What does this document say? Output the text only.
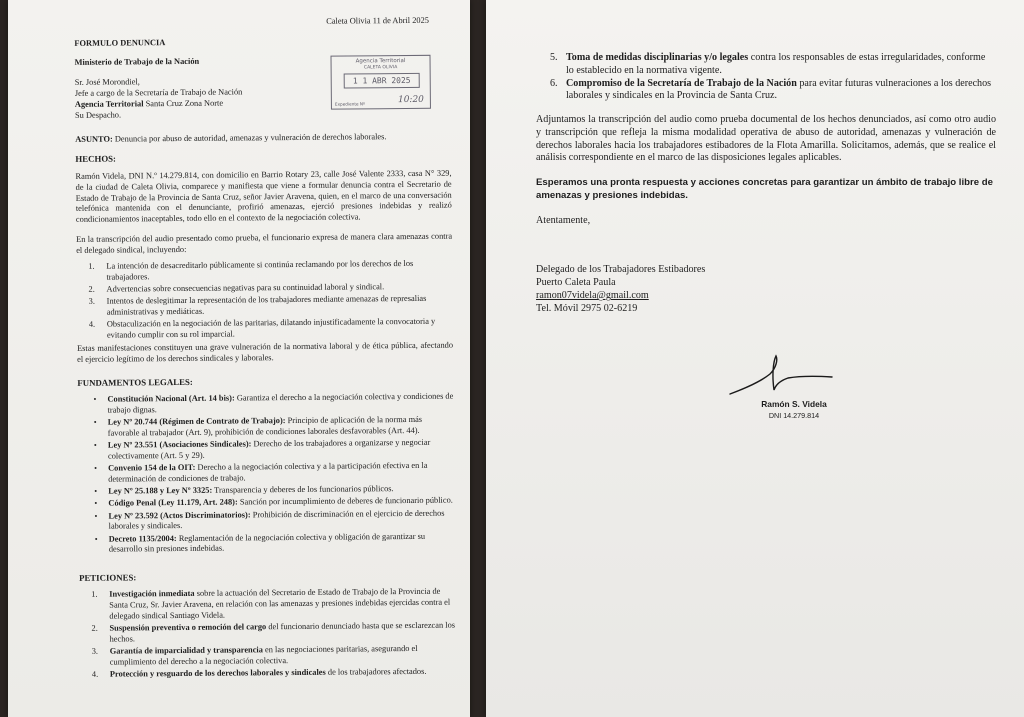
Caleta Olivia 11 de Abril 2025
FORMULO DENUNCIA
Ministerio de Trabajo de la Nación
Sr. José Morondiel,
Jefe a cargo de la Secretaría de Trabajo de Nación
Agencia Territorial Santa Cruz Zona Norte
Su Despacho.
Agencia Territorial
CALETA OLIVIA
1 1 ABR 2025
Expediente Nº	10:20
ASUNTO: Denuncia por abuso de autoridad, amenazas y vulneración de derechos laborales.
HECHOS:
Ramón Videla, DNI N.º 14.279.814, con domicilio en Barrio Rotary 23, calle José Valente 2333, casa N° 329, de la ciudad de Caleta Olivia, comparece y manifiesta que viene a formular denuncia contra el Secretario de Estado de Trabajo de la Provincia de Santa Cruz, señor Javier Aravena, quien, en el marco de una conversación telefónica mantenida con el denunciante, profirió amenazas, ejerció presiones indebidas y realizó condicionamientos inaceptables, todo ello en el contexto de la negociación colectiva.
En la transcripción del audio presentado como prueba, el funcionario expresa de manera clara amenazas contra el delegado sindical, incluyendo:
1. La intención de desacreditarlo públicamente si continúa reclamando por los derechos de los trabajadores.
2. Advertencias sobre consecuencias negativas para su continuidad laboral y sindical.
3. Intentos de deslegitimar la representación de los trabajadores mediante amenazas de represalias administrativas y mediáticas.
4. Obstaculización en la negociación de las paritarias, dilatando injustificadamente la convocatoria y evitando cumplir con su rol imparcial.
Estas manifestaciones constituyen una grave vulneración de la normativa laboral y de ética pública, afectando el ejercicio legítimo de los derechos sindicales y laborales.
FUNDAMENTOS LEGALES:
• Constitución Nacional (Art. 14 bis): Garantiza el derecho a la negociación colectiva y condiciones de trabajo dignas.
• Ley Nº 20.744 (Régimen de Contrato de Trabajo): Principio de aplicación de la norma más favorable al trabajador (Art. 9), prohibición de condiciones laborales desfavorables (Art. 44).
• Ley Nº 23.551 (Asociaciones Sindicales): Derecho de los trabajadores a organizarse y negociar colectivamente (Art. 5 y 29).
• Convenio 154 de la OIT: Derecho a la negociación colectiva y a la participación efectiva en la determinación de condiciones de trabajo.
• Ley Nº 25.188 y Ley Nº 3325: Transparencia y deberes de los funcionarios públicos.
• Código Penal (Ley 11.179, Art. 248): Sanción por incumplimiento de deberes de funcionario público.
• Ley Nº 23.592 (Actos Discriminatorios): Prohibición de discriminación en el ejercicio de derechos laborales y sindicales.
• Decreto 1135/2004: Reglamentación de la negociación colectiva y obligación de garantizar su desarrollo sin presiones indebidas.
PETICIONES:
1. Investigación inmediata sobre la actuación del Secretario de Estado de Trabajo de la Provincia de Santa Cruz, Sr. Javier Aravena, en relación con las amenazas y presiones indebidas ejercidas contra el delegado sindical Santiago Videla.
2. Suspensión preventiva o remoción del cargo del funcionario denunciado hasta que se esclarezcan los hechos.
3. Garantía de imparcialidad y transparencia en las negociaciones paritarias, asegurando el cumplimiento del derecho a la negociación colectiva.
4. Protección y resguardo de los derechos laborales y sindicales de los trabajadores afectados.
5. Toma de medidas disciplinarias y/o legales contra los responsables de estas irregularidades, conforme lo establecido en la normativa vigente.
6. Compromiso de la Secretaría de Trabajo de la Nación para evitar futuras vulneraciones a los derechos laborales y sindicales en la Provincia de Santa Cruz.
Adjuntamos la transcripción del audio como prueba documental de los hechos denunciados, así como otro audio y transcripción que refleja la misma modalidad operativa de abuso de autoridad, amenazas y vulneración de derechos laborales hacia los trabajadores estibadores de la Flota Amarilla. Solicitamos, además, que se realice el análisis correspondiente en el marco de las disposiciones legales aplicables.
Esperamos una pronta respuesta y acciones concretas para garantizar un ámbito de trabajo libre de amenazas y presiones indebidas.
Atentamente,
Delegado de los Trabajadores Estibadores
Puerto Caleta Paula
ramon07videla@gmail.com
Tel. Móvil 2975 02-6219
Ramón S. Videla
DNI 14.279.814
